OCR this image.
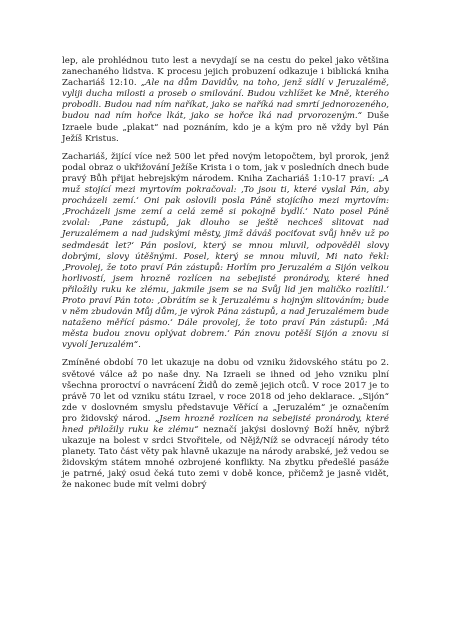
lep, ale prohlédnou tuto lest a nevydají se na cestu do pekel jako většina zanechaného lidstva. K procesu jejich probuzení odkazuje i biblická kniha Zachariáš 12:10. „Ale na dům Davidův, na toho, jenž sídlí v Jeruzalémě, vyliji ducha milosti a proseb o smilování. Budou vzhlížet ke Mně, kterého probodli. Budou nad ním naříkat, jako se naříká nad smrtí jednorozeného, budou nad ním hořce lkát, jako se hořce lká nad prvorozeným.“ Duše Izraele bude „plakat“ nad poznáním, kdo je a kým pro ně vždy byl Pán Ježíš Kristus.

Zachariáš, žijící více než 500 let před novým letopočtem, byl prorok, jenž podal obraz o ukřižování Ježíše Krista i o tom, jak v posledních dnech bude pravý Bůh přijat hebrejským národem. Kniha Zachariáš 1:10-17 praví: „A muž stojící mezi myrtovím pokračoval: ‚To jsou ti, které vyslal Pán, aby procházeli zemí.‘ Oni pak oslovili posla Páně stojícího mezi myrtovím: ‚Procházeli jsme zemí a celá země si pokojně bydlí.‘ Nato posel Páně zvolal: ‚Pane zástupů, jak dlouho se ještě nechceš slitovat nad Jeruzalémem a nad judskými městy, jimž dáváš pociťovat svůj hněv už po sedmdesát let?‘ Pán poslovi, který se mnou mluvil, odpověděl slovy dobrými, slovy útěšnými. Posel, který se mnou mluvil, Mi nato řekl: ‚Provolej, že toto praví Pán zástupů: Horlím pro Jeruzalém a Sijón velkou horlivostí, jsem hrozně rozlícen na sebejisté pronárody, které hned přiložily ruku ke zlému, jakmile jsem se na Svůj lid jen maličko rozlítil.‘ Proto praví Pán toto: ‚Obrátím se k Jeruzalému s hojným slitováním; bude v něm zbudován Můj dům, je výrok Pána zástupů, a nad Jeruzalémem bude nataženo měřící pásmo.‘ Dále provolej, že toto praví Pán zástupů: ‚Má města budou znovu oplývat dobrem.‘ Pán znovu potěší Sijón a znovu si vyvolí Jeruzalém“.

Zmíněné období 70 let ukazuje na dobu od vzniku židovského státu po 2. světové válce až po naše dny. Na Izraeli se ihned od jeho vzniku plní všechna proroctví o navrácení Židů do země jejich otců. V roce 2017 je to právě 70 let od vzniku státu Izrael, v roce 2018 od jeho deklarace. „Sijón“ zde v doslovném smyslu představuje Věřící a „Jeruzalém“ je označením pro židovský národ. „Jsem hrozně rozlícen na sebejisté pronárody, které hned přiložily ruku ke zlému“ neznačí jakýsi doslovný Boží hněv, nýbrž ukazuje na bolest v srdci Stvořitele, od Nějž/Níž se odvracejí národy této planety. Tato část věty pak hlavně ukazuje na národy arabské, jež vedou se židovským státem mnohé ozbrojené konflikty. Na zbytku předešlé pasáže je patrné, jaký osud čeká tuto zemi v době konce, přičemž je jasně vidět, že nakonec bude mít velmi dobrý
